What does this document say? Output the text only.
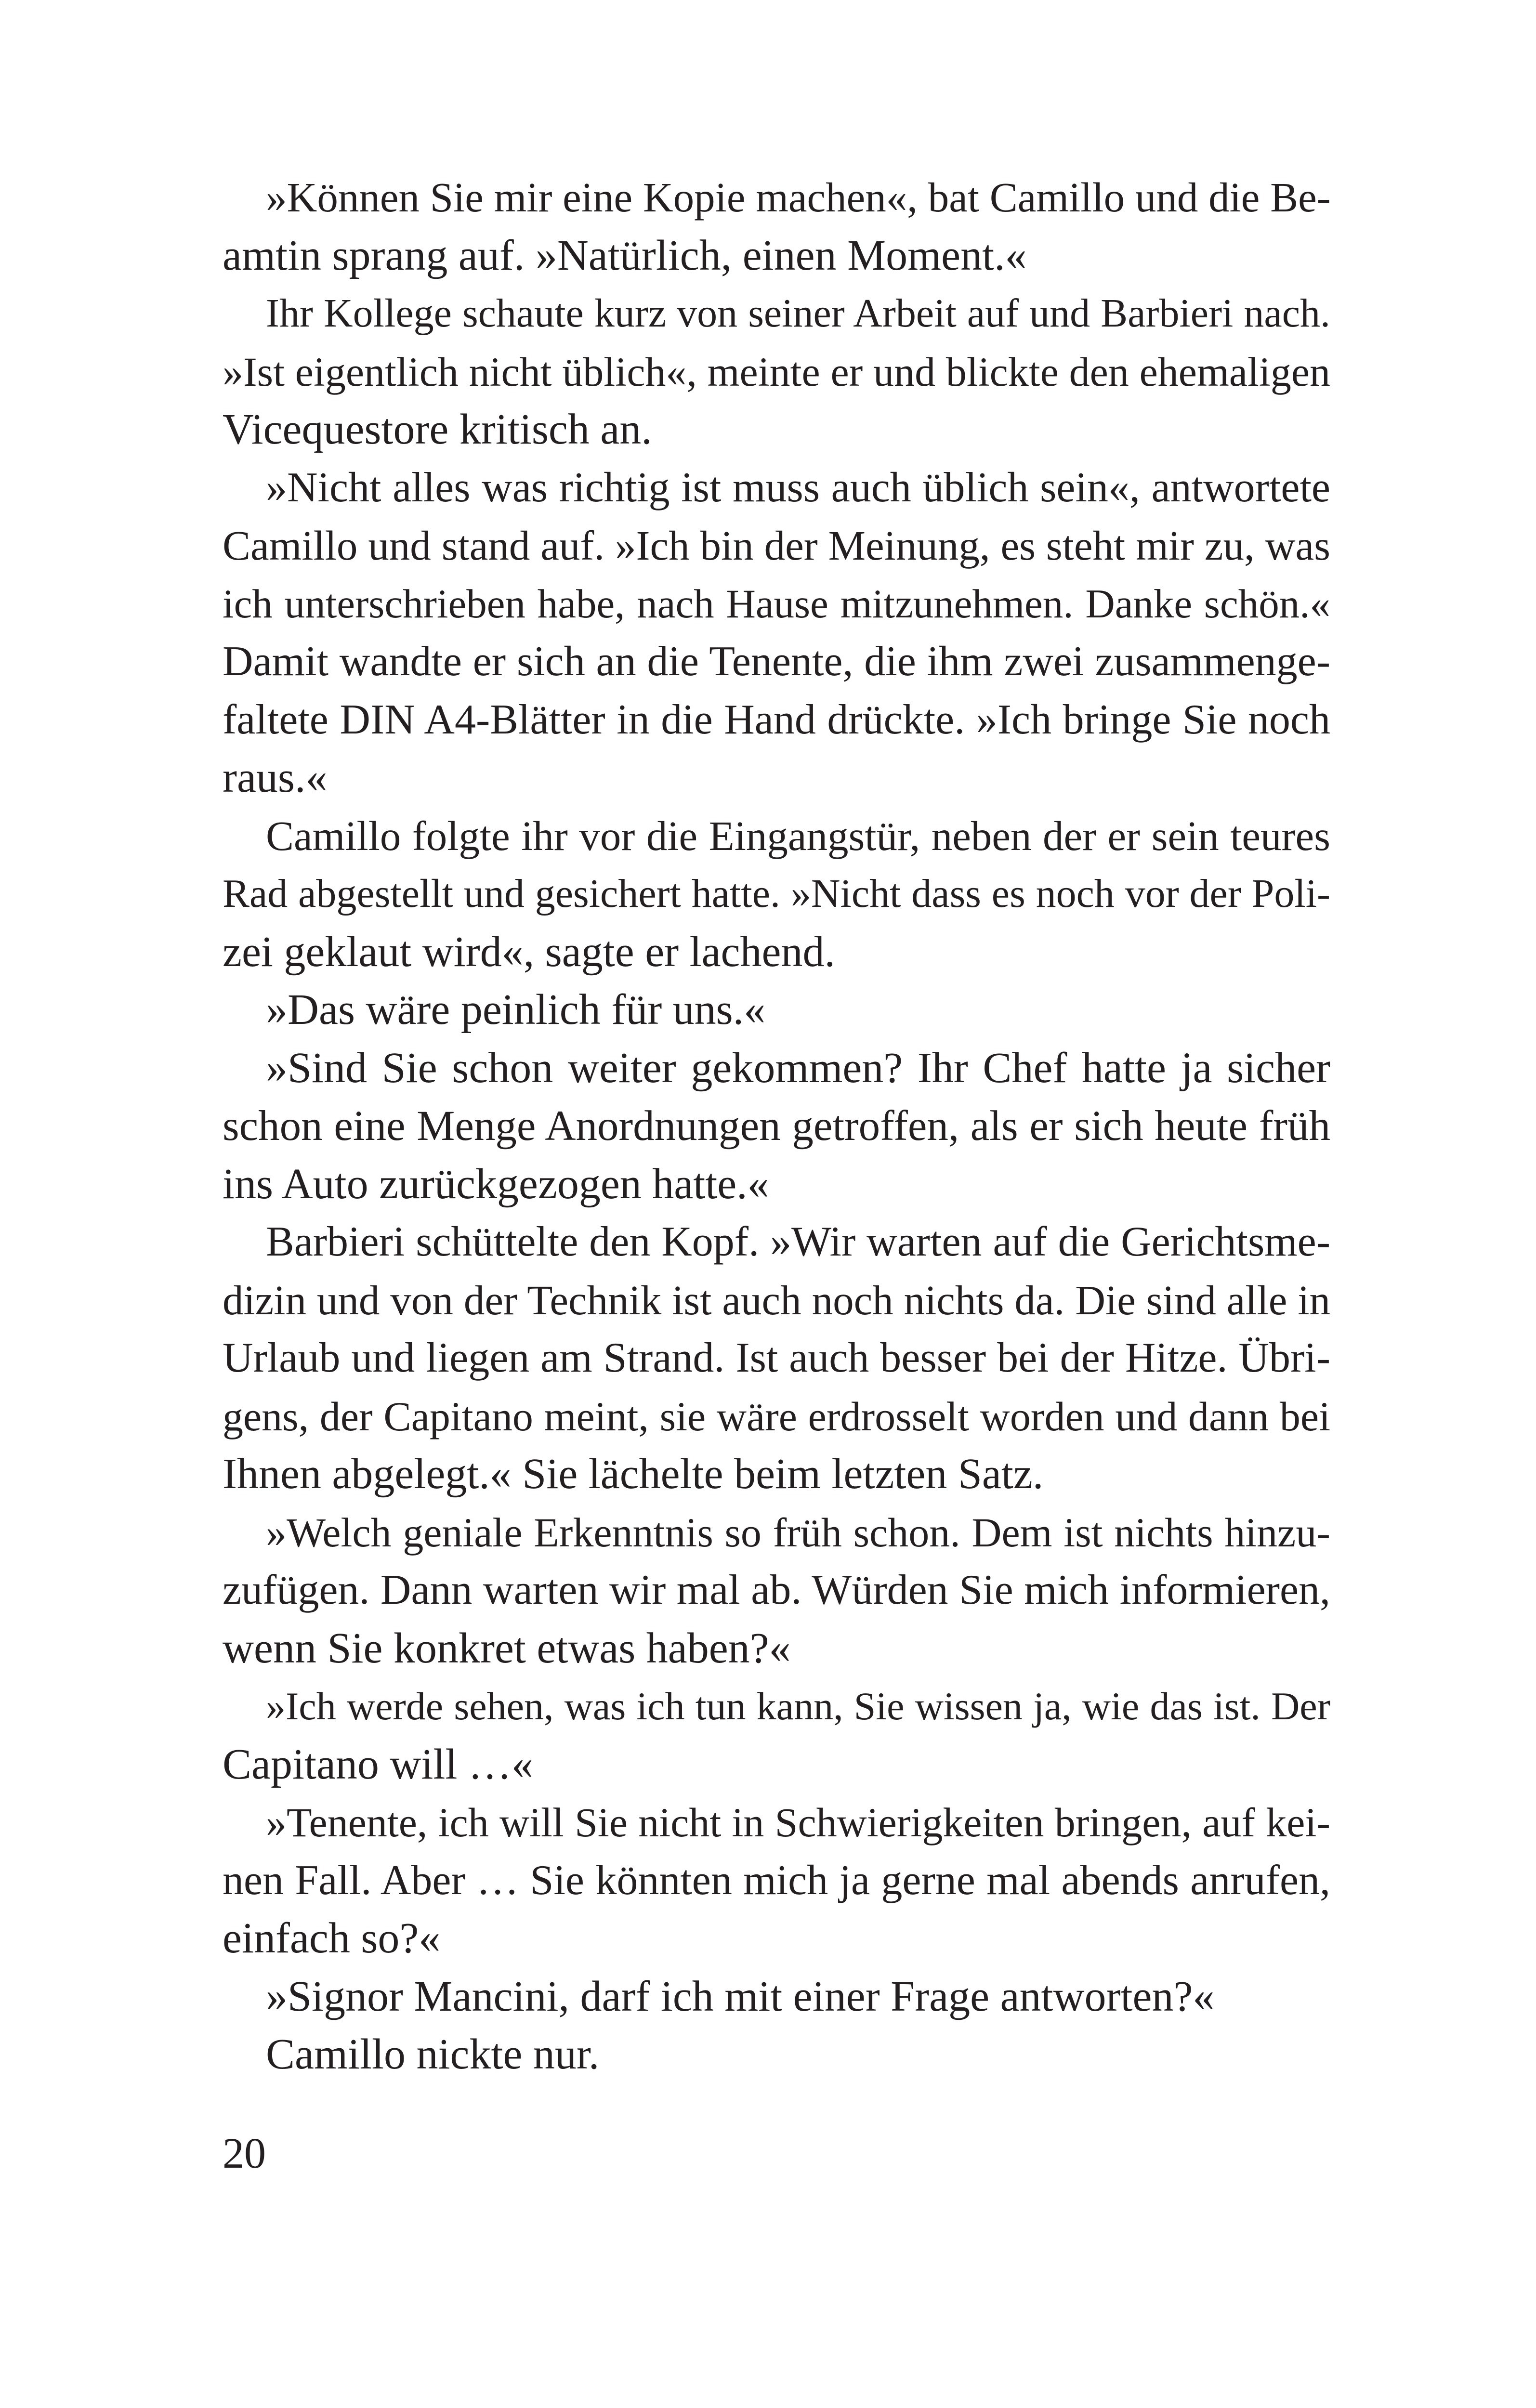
»Können Sie mir eine Kopie machen«, bat Camillo und die Be-
amtin sprang auf. »Natürlich, einen Moment.«
Ihr Kollege schaute kurz von seiner Arbeit auf und Barbieri nach.
»Ist eigentlich nicht üblich«, meinte er und blickte den ehemaligen
Vicequestore kritisch an.
»Nicht alles was richtig ist muss auch üblich sein«, antwortete
Camillo und stand auf. »Ich bin der Meinung, es steht mir zu, was
ich unterschrieben habe, nach Hause mitzunehmen. Danke schön.«
Damit wandte er sich an die Tenente, die ihm zwei zusammenge-
faltete DIN A4-Blätter in die Hand drückte. »Ich bringe Sie noch
raus.«
Camillo folgte ihr vor die Eingangstür, neben der er sein teures
Rad abgestellt und gesichert hatte. »Nicht dass es noch vor der Poli-
zei geklaut wird«, sagte er lachend.
»Das wäre peinlich für uns.«
»Sind Sie schon weiter gekommen? Ihr Chef hatte ja sicher
schon eine Menge Anordnungen getroffen, als er sich heute früh
ins Auto zurückgezogen hatte.«
Barbieri schüttelte den Kopf. »Wir warten auf die Gerichtsme-
dizin und von der Technik ist auch noch nichts da. Die sind alle in
Urlaub und liegen am Strand. Ist auch besser bei der Hitze. Übri-
gens, der Capitano meint, sie wäre erdrosselt worden und dann bei
Ihnen abgelegt.« Sie lächelte beim letzten Satz.
»Welch geniale Erkenntnis so früh schon. Dem ist nichts hinzu-
zufügen. Dann warten wir mal ab. Würden Sie mich informieren,
wenn Sie konkret etwas haben?«
»Ich werde sehen, was ich tun kann, Sie wissen ja, wie das ist. Der
Capitano will …«
»Tenente, ich will Sie nicht in Schwierigkeiten bringen, auf kei-
nen Fall. Aber … Sie könnten mich ja gerne mal abends anrufen,
einfach so?«
»Signor Mancini, darf ich mit einer Frage antworten?«
Camillo nickte nur.
20
